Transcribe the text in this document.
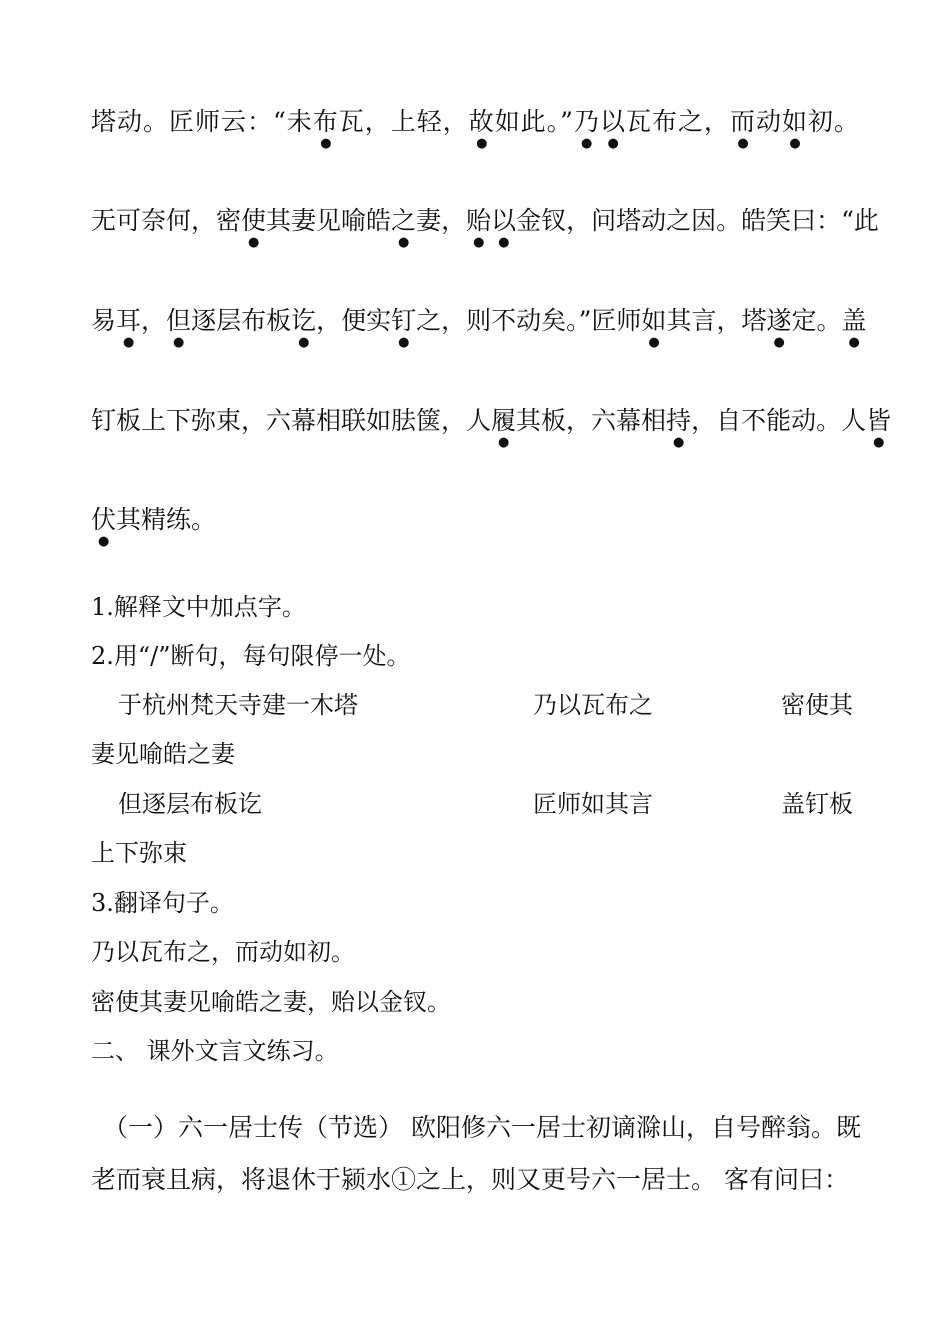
塔动。匠师云：“未布瓦，上轻，故如此。”乃以瓦布之，而动如初。
无可奈何，密使其妻见喻皓之妻，贻以金钗，问塔动之因。皓笑曰：“此
易耳，但逐层布板讫，便实钉之，则不动矣。”匠师如其言，塔遂定。盖
钉板上下弥束，六幕相联如胠箧，人履其板，六幕相持，自不能动。人皆
伏其精练。
1.解释文中加点字。
2.用“/”断句，每句限停一处。
于杭州梵天寺建一木塔	乃以瓦布之	密使其
妻见喻皓之妻
但逐层布板讫	匠师如其言	盖钉板
上下弥束
3.翻译句子。
乃以瓦布之，而动如初。
密使其妻见喻皓之妻，贻以金钗。
二、 课外文言文练习。
（一）六一居士传（节选） 欧阳修六一居士初谪滁山，自号醉翁。既
老而衰且病，将退休于颍水①之上，则又更号六一居士。 客有问曰：
